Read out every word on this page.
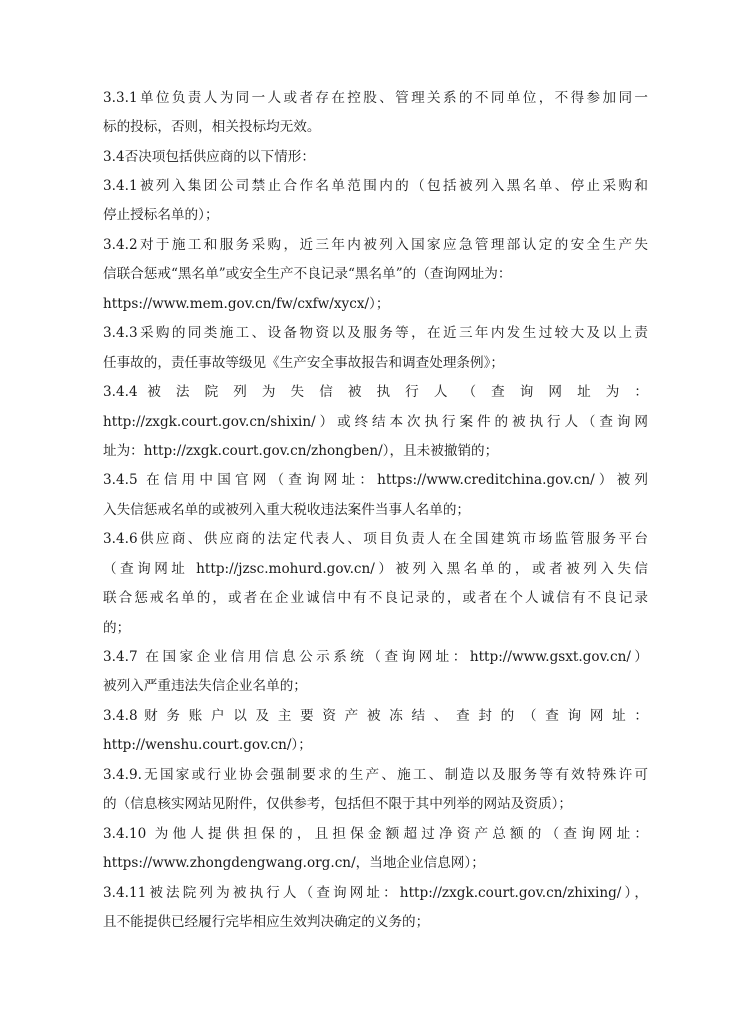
3.3.1单位负责人为同一人或者存在控股、管理关系的不同单位，不得参加同一
标的投标，否则，相关投标均无效。
3.4否决项包括供应商的以下情形：
3.4.1被列入集团公司禁止合作名单范围内的（包括被列入黑名单、停止采购和
停止授标名单的）；
3.4.2对于施工和服务采购，近三年内被列入国家应急管理部认定的安全生产失
信联合惩戒“黑名单”或安全生产不良记录“黑名单”的（查询网址为：
https://www.mem.gov.cn/fw/cxfw/xycx/）；
3.4.3采购的同类施工、设备物资以及服务等，在近三年内发生过较大及以上责
任事故的，责任事故等级见《生产安全事故报告和调查处理条例》；
3.4.4 被 法 院 列 为 失 信 被 执 行 人 （ 查 询 网 址 为 ：
http://zxgk.court.gov.cn/shixin/）或终结本次执行案件的被执行人（查询网
址为：http://zxgk.court.gov.cn/zhongben/），且未被撤销的；
3.4.5 在信用中国官网（查询网址：https://www.creditchina.gov.cn/）被列
入失信惩戒名单的或被列入重大税收违法案件当事人名单的；
3.4.6供应商、供应商的法定代表人、项目负责人在全国建筑市场监管服务平台
（查询网址 http://jzsc.mohurd.gov.cn/）被列入黑名单的，或者被列入失信
联合惩戒名单的，或者在企业诚信中有不良记录的，或者在个人诚信有不良记录
的；
3.4.7 在国家企业信用信息公示系统（查询网址：http://www.gsxt.gov.cn/）
被列入严重违法失信企业名单的；
3.4.8 财 务 账 户 以 及 主 要 资 产 被 冻 结 、 查 封 的 （ 查 询 网 址 ：
http://wenshu.court.gov.cn/）；
3.4.9.无国家或行业协会强制要求的生产、施工、制造以及服务等有效特殊许可
的（信息核实网站见附件，仅供参考，包括但不限于其中列举的网站及资质）；
3.4.10 为他人提供担保的，且担保金额超过净资产总额的（查询网址：
https://www.zhongdengwang.org.cn/，当地企业信息网）；
3.4.11被法院列为被执行人（查询网址：http://zxgk.court.gov.cn/zhixing/），
且不能提供已经履行完毕相应生效判决确定的义务的；
